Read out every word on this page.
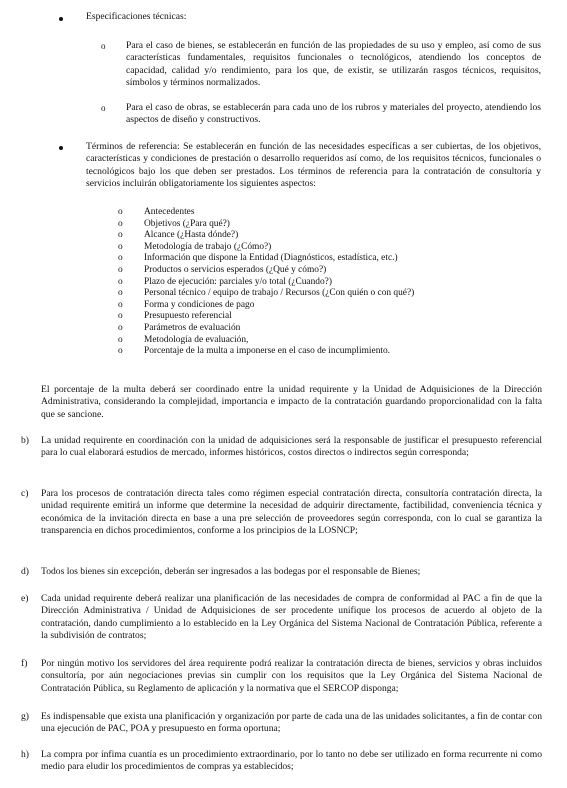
Especificaciones técnicas:
o Para el caso de bienes, se establecerán en función de las propiedades de su uso y empleo, así como de sus características fundamentales, requisitos funcionales o tecnológicos, atendiendo los conceptos de capacidad, calidad y/o rendimiento, para los que, de existir, se utilizarán rasgos técnicos, requisitos, símbolos y términos normalizados.
o Para el caso de obras, se establecerán para cada uno de los rubros y materiales del proyecto, atendiendo los aspectos de diseño y constructivos.
Términos de referencia: Se establecerán en función de las necesidades específicas a ser cubiertas, de los objetivos, características y condiciones de prestación o desarrollo requeridos así como, de los requisitos técnicos, funcionales o tecnológicos bajo los que deben ser prestados. Los términos de referencia para la contratación de consultoría y servicios incluirán obligatoriamente los siguientes aspectos:
o Antecedentes
o Objetivos (¿Para qué?)
o Alcance (¿Hasta dónde?)
o Metodología de trabajo (¿Cómo?)
o Información que dispone la Entidad (Diagnósticos, estadística, etc.)
o Productos o servicios esperados (¿Qué y cómo?)
o Plazo de ejecución: parciales y/o total (¿Cuando?)
o Personal técnico / equipo de trabajo / Recursos (¿Con quién o con qué?)
o Forma y condiciones de pago
o Presupuesto referencial
o Parámetros de evaluación
o Metodología de evaluación,
o Porcentaje de la multa a imponerse en el caso de incumplimiento.
El porcentaje de la multa deberá ser coordinado entre la unidad requirente y la Unidad de Adquisiciones de la Dirección Administrativa, considerando la complejidad, importancia e impacto de la contratación guardando proporcionalidad con la falta que se sancione.
b) La unidad requirente en coordinación con la unidad de adquisiciones será la responsable de justificar el presupuesto referencial para lo cual elaborará estudios de mercado, informes históricos, costos directos o indirectos según corresponda;
c) Para los procesos de contratación directa tales como régimen especial contratación directa, consultoría contratación directa, la unidad requirente emitirá un informe que determine la necesidad de adquirir directamente, factibilidad, conveniencia técnica y económica de la invitación directa en base a una pre selección de proveedores según corresponda, con lo cual se garantiza la transparencia en dichos procedimientos, conforme a los principios de la LOSNCP;
d) Todos los bienes sin excepción, deberán ser ingresados a las bodegas por el responsable de Bienes;
e) Cada unidad requirente deberá realizar una planificación de las necesidades de compra de conformidad al PAC a fin de que la Dirección Administrativa / Unidad de Adquisiciones de ser procedente unifique los procesos de acuerdo al objeto de la contratación, dando cumplimiento a lo establecido en la Ley Orgánica del Sistema Nacional de Contratación Pública, referente a la subdivisión de contratos;
f) Por ningún motivo los servidores del área requirente podrá realizar la contratación directa de bienes, servicios y obras incluidos consultoría, por aún negociaciones previas sin cumplir con los requisitos que la Ley Orgánica del Sistema Nacional de Contratación Pública, su Reglamento de aplicación y la normativa que el SERCOP disponga;
g) Es indispensable que exista una planificación y organización por parte de cada una de las unidades solicitantes, a fin de contar con una ejecución de PAC, POA y presupuesto en forma oportuna;
h) La compra por ínfima cuantía es un procedimiento extraordinario, por lo tanto no debe ser utilizado en forma recurrente ni como medio para eludir los procedimientos de compras ya establecidos;
